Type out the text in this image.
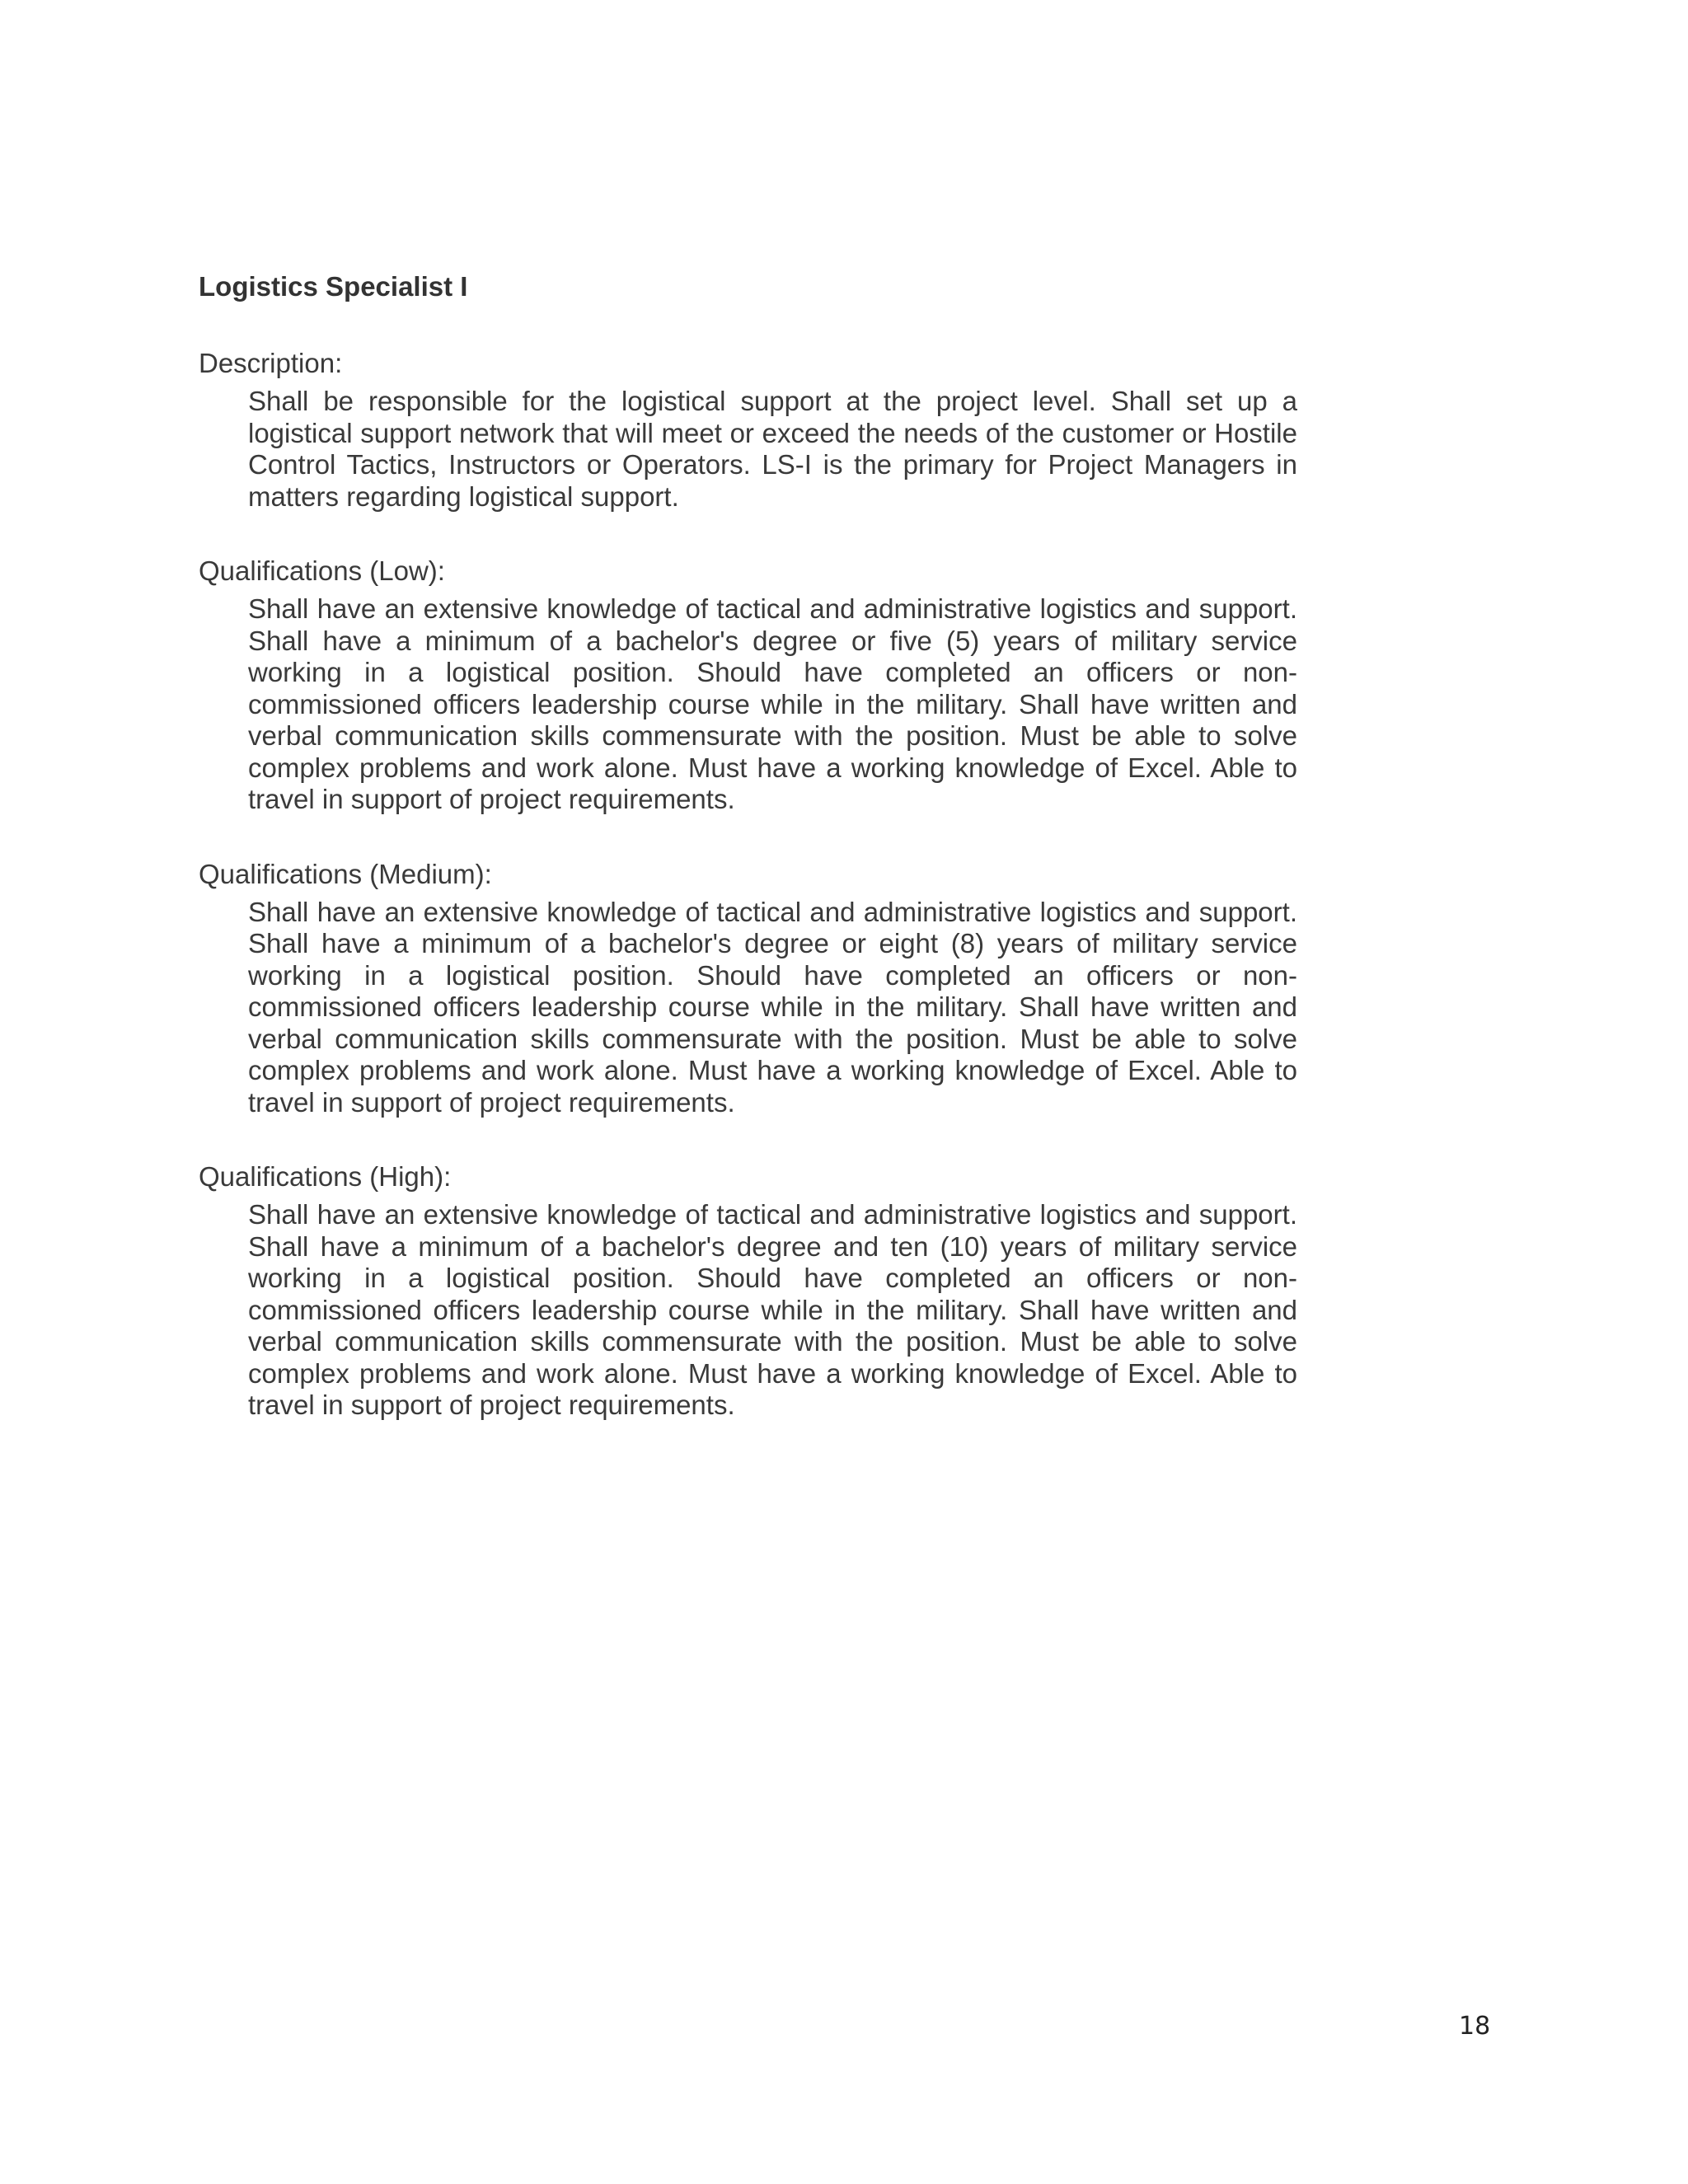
Logistics Specialist I

Description:

Shall be responsible for the logistical support at the project level. Shall set up a logistical support network that will meet or exceed the needs of the customer or Hostile Control Tactics, Instructors or Operators. LS-I is the primary for Project Managers in matters regarding logistical support.

Qualifications (Low):

Shall have an extensive knowledge of tactical and administrative logistics and support. Shall have a minimum of a bachelor's degree or five (5) years of military service working in a logistical position. Should have completed an officers or non-commissioned officers leadership course while in the military. Shall have written and verbal communication skills commensurate with the position. Must be able to solve complex problems and work alone. Must have a working knowledge of Excel. Able to travel in support of project requirements.

Qualifications (Medium):

Shall have an extensive knowledge of tactical and administrative logistics and support. Shall have a minimum of a bachelor's degree or eight (8) years of military service working in a logistical position. Should have completed an officers or non-commissioned officers leadership course while in the military. Shall have written and verbal communication skills commensurate with the position. Must be able to solve complex problems and work alone. Must have a working knowledge of Excel. Able to travel in support of project requirements.

Qualifications (High):

Shall have an extensive knowledge of tactical and administrative logistics and support. Shall have a minimum of a bachelor's degree and ten (10) years of military service working in a logistical position. Should have completed an officers or non-commissioned officers leadership course while in the military. Shall have written and verbal communication skills commensurate with the position. Must be able to solve complex problems and work alone. Must have a working knowledge of Excel. Able to travel in support of project requirements.

18
